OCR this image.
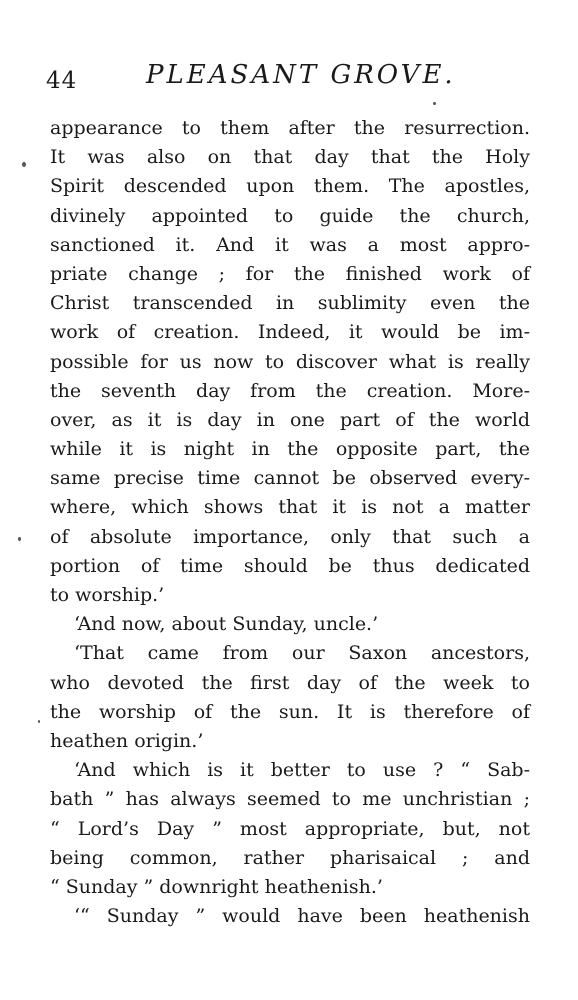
44	PLEASANT GROVE.
appearance to them after the resurrection.
It was also on that day that the Holy
Spirit descended upon them. The apostles,
divinely appointed to guide the church,
sanctioned it. And it was a most appro-
priate change ; for the finished work of
Christ transcended in sublimity even the
work of creation. Indeed, it would be im-
possible for us now to discover what is really
the seventh day from the creation. More-
over, as it is day in one part of the world
while it is night in the opposite part, the
same precise time cannot be observed every-
where, which shows that it is not a matter
of absolute importance, only that such a
portion of time should be thus dedicated
to worship.’
‘And now, about Sunday, uncle.’
‘That came from our Saxon ancestors,
who devoted the first day of the week to
the worship of the sun. It is therefore of
heathen origin.’
‘And which is it better to use ? “ Sab-
bath ” has always seemed to me unchristian ;
“ Lord’s Day ” most appropriate, but, not
being common, rather pharisaical ; and
“ Sunday ” downright heathenish.’
‘“ Sunday ” would have been heathenish
